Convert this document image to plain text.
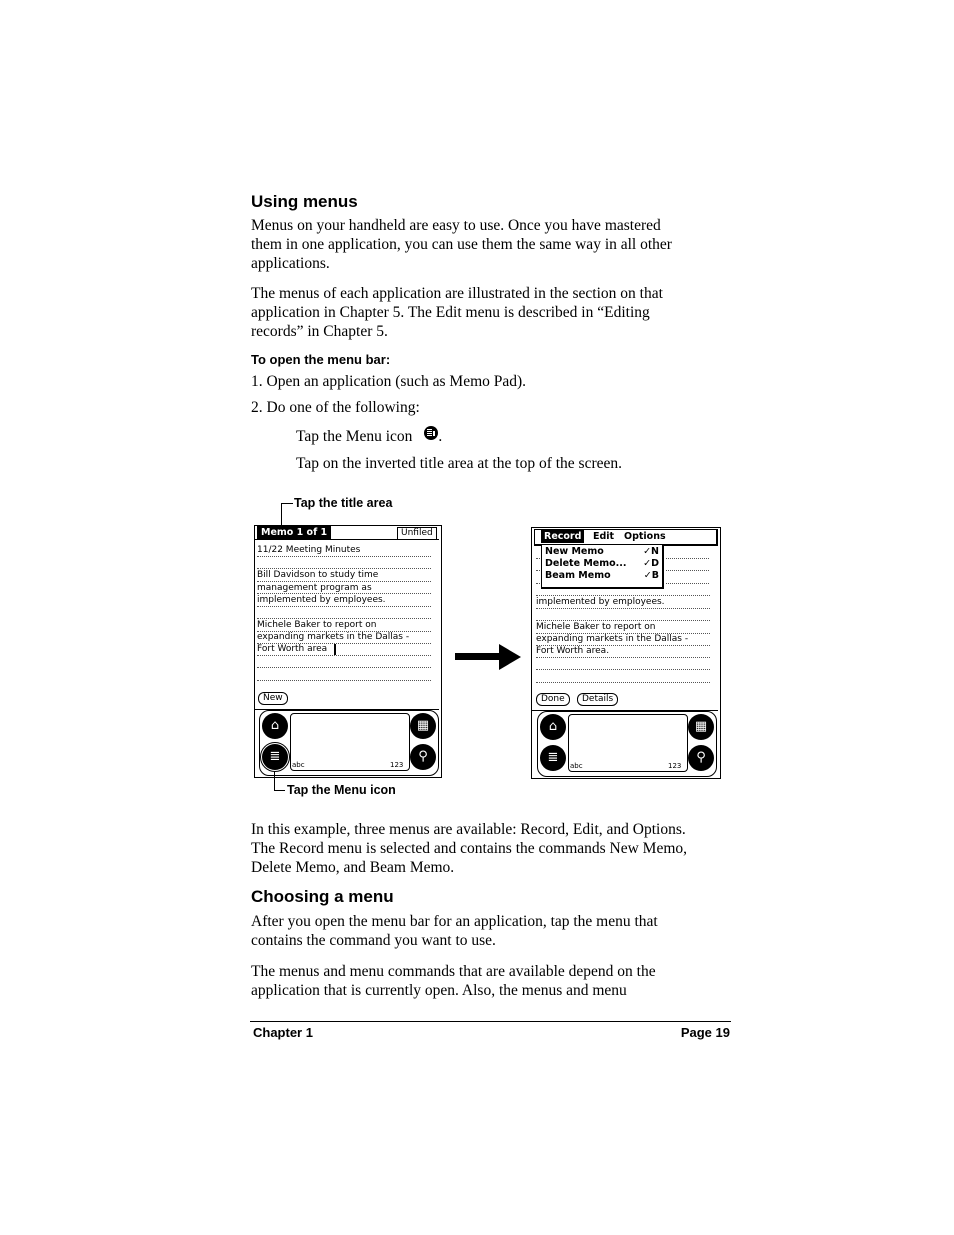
Using menus
Menus on your handheld are easy to use. Once you have mastered
them in one application, you can use them the same way in all other
applications.
The menus of each application are illustrated in the section on that
application in Chapter 5. The Edit menu is described in “Editing
records” in Chapter 5.
To open the menu bar:
1. Open an application (such as Memo Pad).
2. Do one of the following:
Tap the Menu icon .
Tap on the inverted title area at the top of the screen.
Tap the title area
Memo 1 of 1	Unfiled
11/22 Meeting Minutes
Bill Davidson to study time
management program as
implemented by employees.
Michele Baker to report on
expanding markets in the Dallas -
Fort Worth area
New
⌂
≣
▦
⚲
abc	123
Tap the Menu icon
Record	Edit Options
New Memo	✓N
Delete Memo... ✓D
Beam Memo	✓B
implemented by employees.
Michele Baker to report on
expanding markets in the Dallas -
Fort Worth area.
Done	Details
⌂
≣
▦
⚲
abc	123
In this example, three menus are available: Record, Edit, and Options.
The Record menu is selected and contains the commands New Memo,
Delete Memo, and Beam Memo.
Choosing a menu
After you open the menu bar for an application, tap the menu that
contains the command you want to use.
The menus and menu commands that are available depend on the
application that is currently open. Also, the menus and menu
Chapter 1	Page 19
